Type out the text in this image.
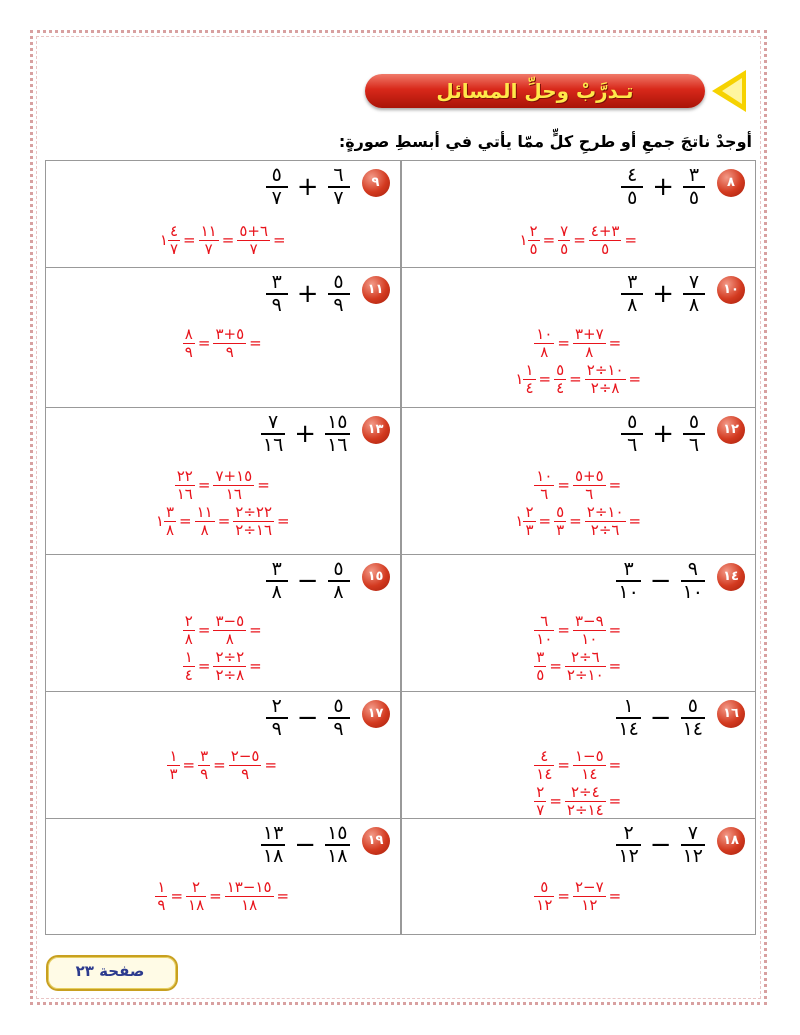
تـدرَّبْ وحلِّ المسائل
أوجدْ ناتجَ جمعِ أو طرحِ كلٍّ ممّا يأتي في أبسطِ صورةٍ:
٨
$\frac{٣}{٥}$
+
$\frac{٤}{٥}$
=
$\frac{٣+٤}{٥}$
=
$\frac{٧}{٥}$
=
$\frac{٢}{٥}$
١
٩
$\frac{٦}{٧}$
+
$\frac{٥}{٧}$
=
$\frac{٦+٥}{٧}$
=
$\frac{١١}{٧}$
=
$\frac{٤}{٧}$
١
١٠
$\frac{٧}{٨}$
+
$\frac{٣}{٨}$
=
$\frac{٧+٣}{٨}$
=
$\frac{١٠}{٨}$
=
$\frac{١٠\div ٢}{٨\div ٢}$
=
$\frac{٥}{٤}$
=
$\frac{١}{٤}$
١
١١
$\frac{٥}{٩}$
+
$\frac{٣}{٩}$
=
$\frac{٥+٣}{٩}$
=
$\frac{٨}{٩}$
١٢
$\frac{٥}{٦}$
+
$\frac{٥}{٦}$
=
$\frac{٥+٥}{٦}$
=
$\frac{١٠}{٦}$
=
$\frac{١٠\div ٢}{٦\div ٢}$
=
$\frac{٥}{٣}$
=
$\frac{٢}{٣}$
١
١٣
$\frac{١٥}{١٦}$
+
$\frac{٧}{١٦}$
=
$\frac{١٥+٧}{١٦}$
=
$\frac{٢٢}{١٦}$
=
$\frac{٢٢\div ٢}{١٦\div ٢}$
=
$\frac{١١}{٨}$
=
$\frac{٣}{٨}$
١
١٤
$\frac{٩}{١٠}$
−
$\frac{٣}{١٠}$
=
$\frac{٩-٣}{١٠}$
=
$\frac{٦}{١٠}$
=
$\frac{٦\div ٢}{١٠\div ٢}$
=
$\frac{٣}{٥}$
١٥
$\frac{٥}{٨}$
−
$\frac{٣}{٨}$
=
$\frac{٥-٣}{٨}$
=
$\frac{٢}{٨}$
=
$\frac{٢\div ٢}{٨\div ٢}$
=
$\frac{١}{٤}$
١٦
$\frac{٥}{١٤}$
−
$\frac{١}{١٤}$
=
$\frac{٥-١}{١٤}$
=
$\frac{٤}{١٤}$
=
$\frac{٤\div ٢}{١٤\div ٢}$
=
$\frac{٢}{٧}$
١٧
$\frac{٥}{٩}$
−
$\frac{٢}{٩}$
=
$\frac{٥-٢}{٩}$
=
$\frac{٣}{٩}$
=
$\frac{١}{٣}$
١٨
$\frac{٧}{١٢}$
−
$\frac{٢}{١٢}$
=
$\frac{٧-٢}{١٢}$
=
$\frac{٥}{١٢}$
١٩
$\frac{١٥}{١٨}$
−
$\frac{١٣}{١٨}$
=
$\frac{١٥-١٣}{١٨}$
=
$\frac{٢}{١٨}$
=
$\frac{١}{٩}$
صفحة ٢٣
